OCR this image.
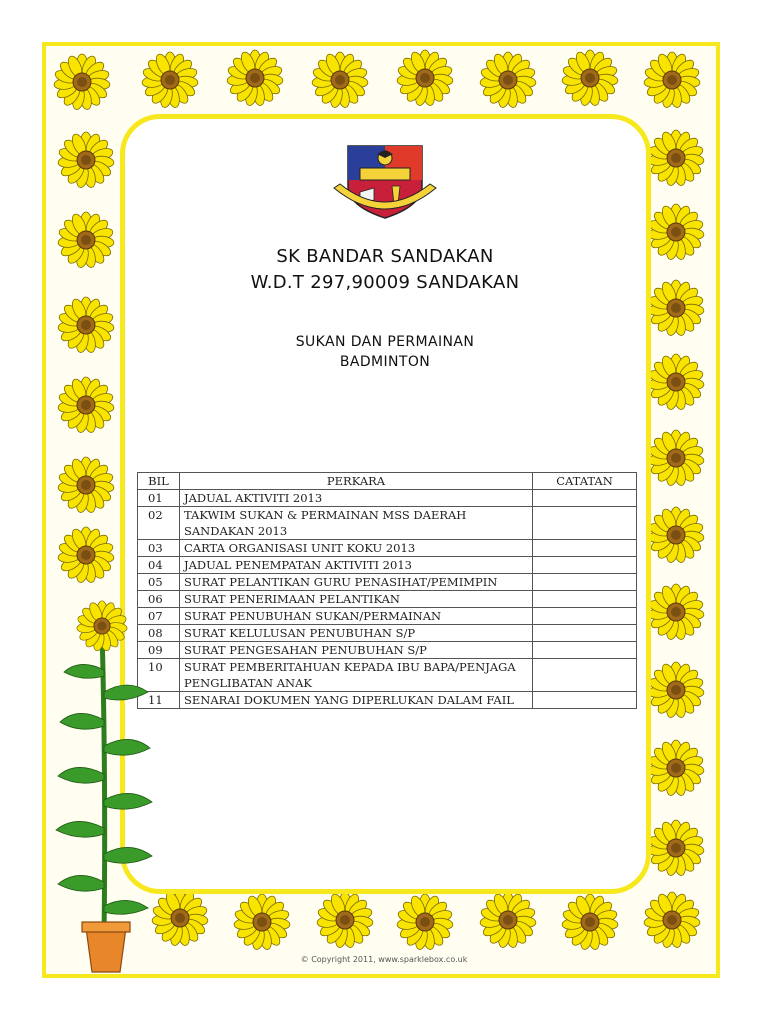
SK BANDAR SANDAKAN
W.D.T 297,90009 SANDAKAN
SUKAN DAN PERMAINAN
BADMINTON
BIL	PERKARA	CATATAN
01	JADUAL AKTIVITI 2013	
02	TAKWIM SUKAN & PERMAINAN MSS DAERAH SANDAKAN 2013	
03	CARTA ORGANISASI UNIT KOKU 2013	
04	JADUAL PENEMPATAN AKTIVITI 2013	
05	SURAT PELANTIKAN GURU PENASIHAT/PEMIMPIN	
06	SURAT PENERIMAAN PELANTIKAN	
07	SURAT PENUBUHAN SUKAN/PERMAINAN	
08	SURAT KELULUSAN PENUBUHAN S/P	
09	SURAT PENGESAHAN PENUBUHAN S/P	
10	SURAT PEMBERITAHUAN KEPADA IBU BAPA/PENJAGA PENGLIBATAN ANAK	
11	SENARAI DOKUMEN YANG DIPERLUKAN DALAM FAIL	
© Copyright 2011, www.sparklebox.co.uk
